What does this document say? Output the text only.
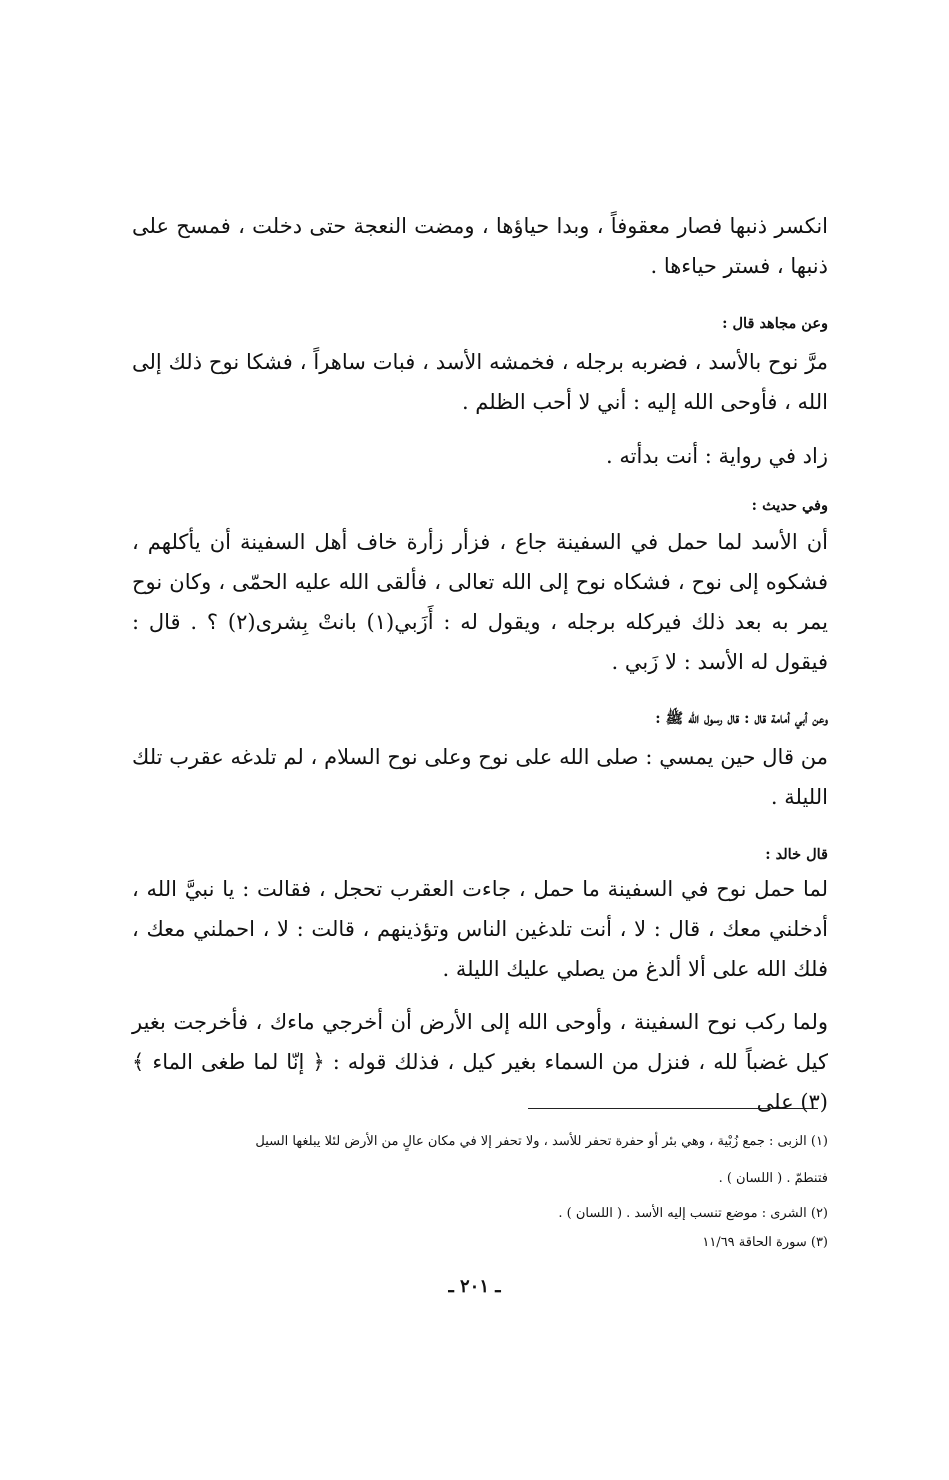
انكسر ذنبها فصار معقوفاً ، وبدا حياؤها ، ومضت النعجة حتى دخلت ، فمسح على ذنبها ، فستر حياءها .
وعن مجاهد قال :
مرَّ نوح بالأسد ، فضربه برجله ، فخمشه الأسد ، فبات ساهراً ، فشكا نوح ذلك إلى الله ، فأوحى الله إليه : أني لا أحب الظلم .
زاد في رواية : أنت بدأته .
وفي حديث :
أن الأسد لما حمل في السفينة جاع ، فزأر زأرة خاف أهل السفينة أن يأكلهم ، فشكوه إلى نوح ، فشكاه نوح إلى الله تعالى ، فألقى الله عليه الحمّى ، وكان نوح يمر به بعد ذلك فيركله برجله ، ويقول له : أَزَبي(١) بانتْ بِشرى(٢) ؟ . قال : فيقول له الأسد : لا زَبي .
وعن أبي أمامة قال : قال رسول الله ﷺ :
من قال حين يمسي : صلى الله على نوح وعلى نوح السلام ، لم تلدغه عقرب تلك الليلة .
قال خالد :
لما حمل نوح في السفينة ما حمل ، جاءت العقرب تحجل ، فقالت : يا نبيَّ الله ، أدخلني معك ، قال : لا ، أنت تلدغين الناس وتؤذينهم ، قالت : لا ، احملني معك ، فلك الله على ألا ألدغ من يصلي عليك الليلة .
ولما ركب نوح السفينة ، وأوحى الله إلى الأرض أن أخرجي ماءك ، فأخرجت بغير كيل غضباً لله ، فنزل من السماء بغير كيل ، فذلك قوله : ﴿ إنّا لما طغى الماء ﴾(٣) على
(١) الزبى : جمع زُبْية ، وهي بئر أو حفرة تحفر للأسد ، ولا تحفر إلا في مكان عالٍ من الأرض لئلا يبلغها السيل
فتنطمّ . ( اللسان ) .
(٢) الشرى : موضع تنسب إليه الأسد . ( اللسان ) .
(٣) سورة الحاقة ١١/٦٩
ـ ٢٠١ ـ
